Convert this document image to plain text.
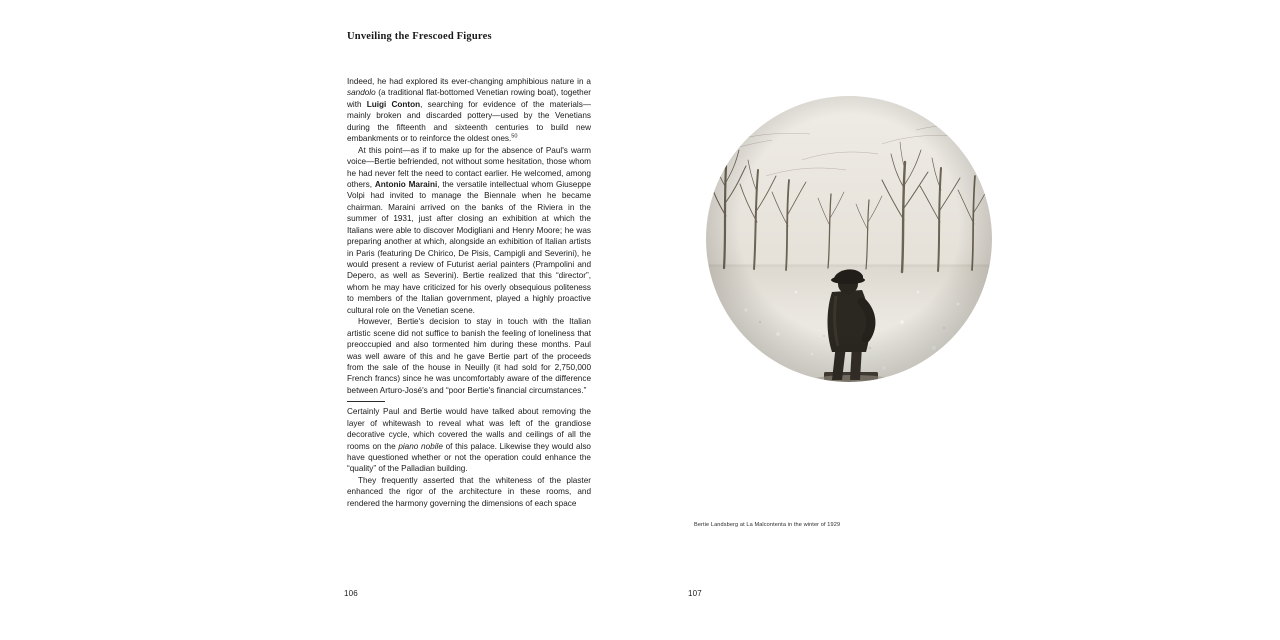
Unveiling the Frescoed Figures

Indeed, he had explored its ever-changing amphibious nature in a sandolo (a traditional flat-bottomed Venetian rowing boat), together with Luigi Conton, searching for evidence of the materials—mainly broken and discarded pottery—used by the Venetians during the fifteenth and sixteenth centuries to build new embankments or to reinforce the oldest ones.$^{50}$

At this point—as if to make up for the absence of Paul's warm voice—Bertie befriended, not without some hesitation, those whom he had never felt the need to contact earlier. He welcomed, among others, Antonio Maraini, the versatile intellectual whom Giuseppe Volpi had invited to manage the Biennale when he became chairman. Maraini arrived on the banks of the Riviera in the summer of 1931, just after closing an exhibition at which the Italians were able to discover Modigliani and Henry Moore; he was preparing another at which, alongside an exhibition of Italian artists in Paris (featuring De Chirico, De Pisis, Campigli and Severini), he would present a review of Futurist aerial painters (Prampolini and Depero, as well as Severini). Bertie realized that this “director”, whom he may have criticized for his overly obsequious politeness to members of the Italian government, played a highly proactive cultural role on the Venetian scene.

However, Bertie's decision to stay in touch with the Italian artistic scene did not suffice to banish the feeling of loneliness that preoccupied and also tormented him during these months. Paul was well aware of this and he gave Bertie part of the proceeds from the sale of the house in Neuilly (it had sold for 2,750,000 French francs) since he was uncomfortably aware of the difference between Arturo-José's and “poor Bertie's financial circumstances.”

Certainly Paul and Bertie would have talked about removing the layer of whitewash to reveal what was left of the grandiose decorative cycle, which covered the walls and ceilings of all the rooms on the piano nobile of this palace. Likewise they would also have questioned whether or not the operation could enhance the “quality” of the Palladian building.

They frequently asserted that the whiteness of the plaster enhanced the rigor of the architecture in these rooms, and rendered the harmony governing the dimensions of each space

106
Bertie Landsberg at La Malcontenta in the winter of 1929
107
